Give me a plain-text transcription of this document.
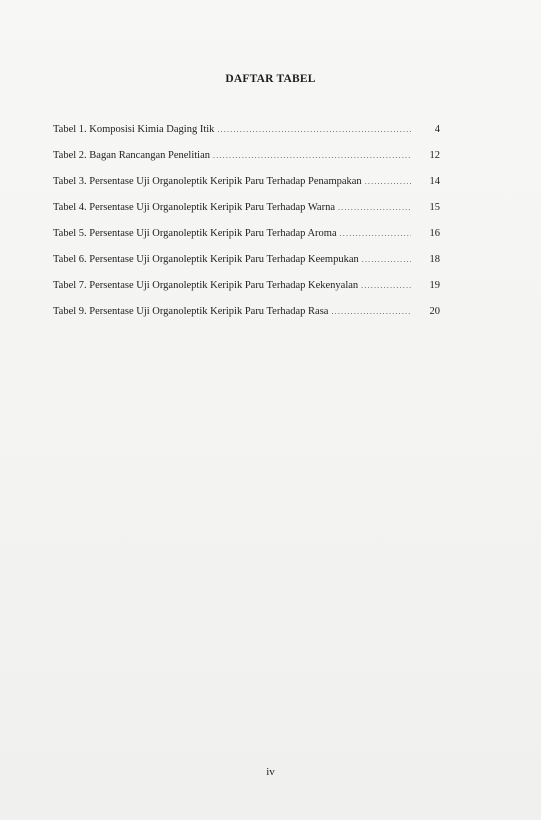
DAFTAR TABEL
Tabel 1. Komposisi Kimia Daging Itik .....	4
Tabel 2. Bagan Rancangan Penelitian .....	12
Tabel 3. Persentase Uji Organoleptik Keripik Paru Terhadap Penampakan .....	14
Tabel 4. Persentase Uji Organoleptik Keripik Paru Terhadap Warna .....	15
Tabel 5. Persentase Uji Organoleptik Keripik Paru Terhadap Aroma .....	16
Tabel 6. Persentase Uji Organoleptik Keripik Paru Terhadap Keempukan .....	18
Tabel 7. Persentase Uji Organoleptik Keripik Paru Terhadap Kekenyalan .....	19
Tabel 9. Persentase Uji Organoleptik Keripik Paru Terhadap Rasa .....	20
iv
